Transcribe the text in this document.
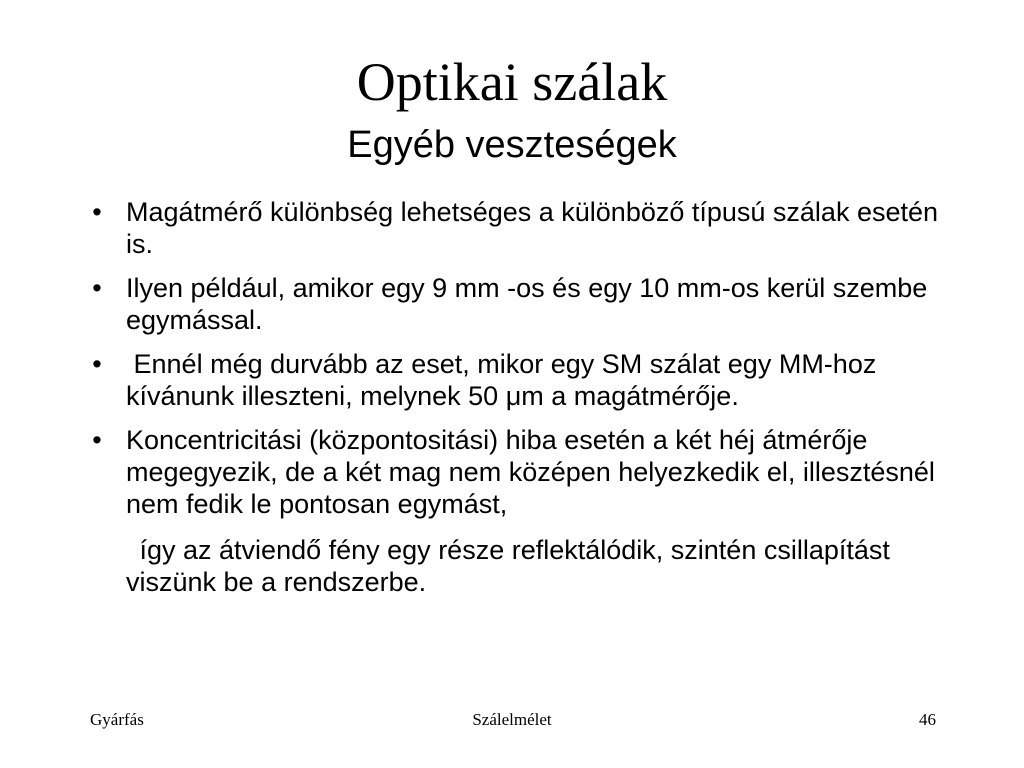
Optikai szálak
Egyéb veszteségek
• Magátmérő különbség lehetséges a különböző típusú szálak esetén is.
• Ilyen például, amikor egy 9 mm -os és egy 10 mm-os kerül szembe egymással.
• Ennél még durvább az eset, mikor egy SM szálat egy MM-hoz kívánunk illeszteni, melynek 50 μm a magátmérője.
• Koncentricitási (központositási) hiba esetén a két héj átmérője megegyezik, de a két mag nem középen helyezkedik el, illesztésnél nem fedik le pontosan egymást,
így az átviendő fény egy része reflektálódik, szintén csillapítást viszünk be a rendszerbe.
Gyárfás	Szálelmélet	46
